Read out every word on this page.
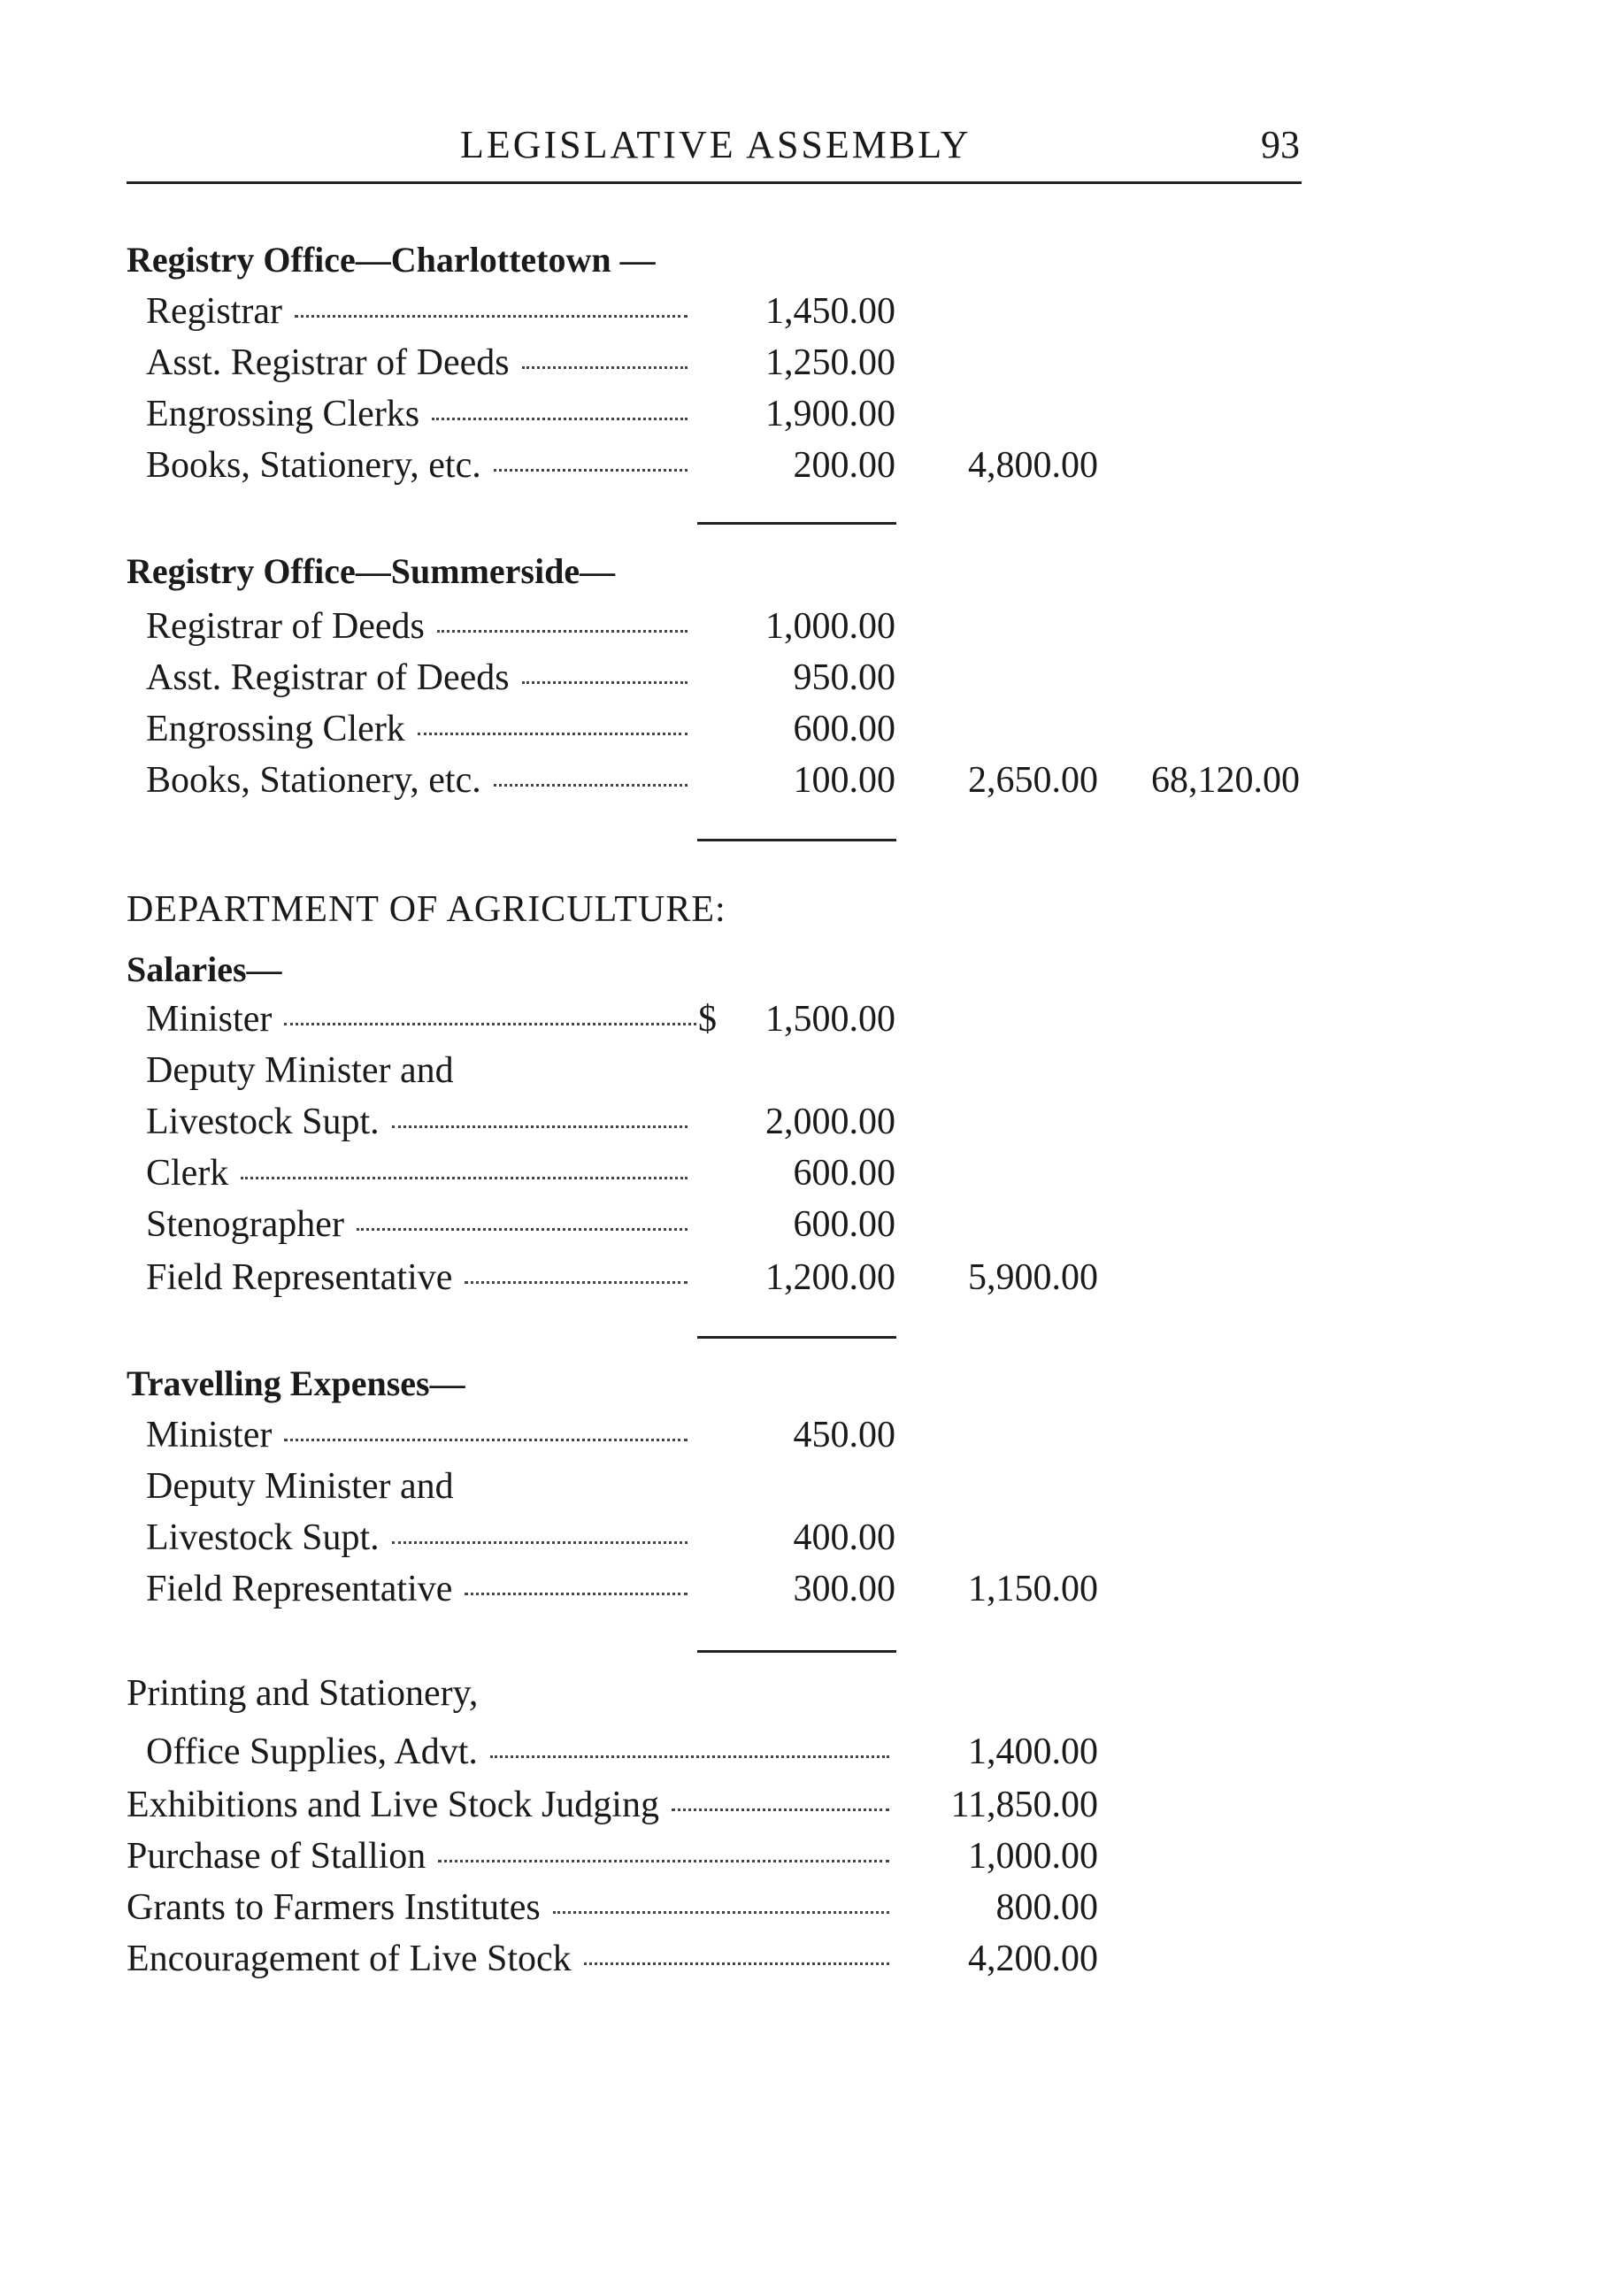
LEGISLATIVE ASSEMBLY	93
Registry Office—Charlottetown —
Registrar	1,450.00
Asst. Registrar of Deeds	1,250.00
Engrossing Clerks	1,900.00
Books, Stationery, etc.	200.00 4,800.00
Registry Office—Summerside—
Registrar of Deeds	1,000.00
Asst. Registrar of Deeds	950.00
Engrossing Clerk	600.00
Books, Stationery, etc.	100.00 2,650.00 68,120.00
DEPARTMENT OF AGRICULTURE:
Salaries—
Minister	$ 1,500.00
Deputy Minister and
Livestock Supt.	2,000.00
Clerk	600.00
Stenographer	600.00
Field Representative	1,200.00 5,900.00
Travelling Expenses—
Minister	450.00
Deputy Minister and
Livestock Supt.	400.00
Field Representative	300.00 1,150.00
Printing and Stationery,
Office Supplies, Advt.	1,400.00
Exhibitions and Live Stock Judging	11,850.00
Purchase of Stallion	1,000.00
Grants to Farmers Institutes	800.00
Encouragement of Live Stock	4,200.00
